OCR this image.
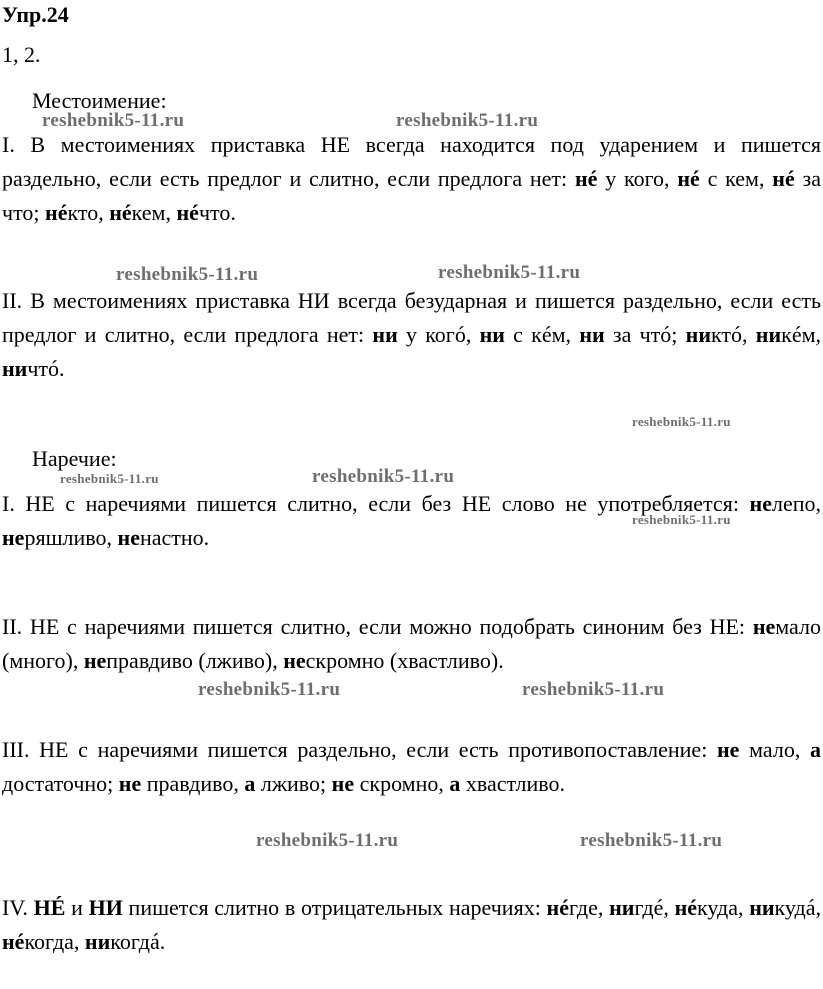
Упр.24
1, 2.
Местоимение:
I. В местоимениях приставка НЕ всегда находится под ударением и пишется раздельно, если есть предлог и слитно, если предлога нет: нé у кого, нé с кем, нé за что; нéкто, нéкем, нéчто.
II. В местоимениях приставка НИ всегда безударная и пишется раздельно, если есть предлог и слитно, если предлога нет: ни у когó, ни с кéм, ни за чтó; никтó, никéм, ничтó.
Наречие:
I. НЕ с наречиями пишется слитно, если без НЕ слово не употребляется: нелепо, неряшливо, ненастно.
II. НЕ с наречиями пишется слитно, если можно подобрать синоним без НЕ: немало (много), неправдиво (лживо), нескромно (хвастливо).
III. НЕ с наречиями пишется раздельно, если есть противопоставление: не мало, а достаточно; не правдиво, а лживо; не скромно, а хвастливо.
IV. НÉ и НИ пишется слитно в отрицательных наречиях: нéгде, нигдé, нéкуда, никудá, нéкогда, никогдá.
reshebnik5-11.ru	reshebnik5-11.ru
reshebnik5-11.ru	reshebnik5-11.ru
reshebnik5-11.ru
reshebnik5-11.ru	reshebnik5-11.ru
reshebnik5-11.ru
reshebnik5-11.ru	reshebnik5-11.ru
reshebnik5-11.ru	reshebnik5-11.ru
